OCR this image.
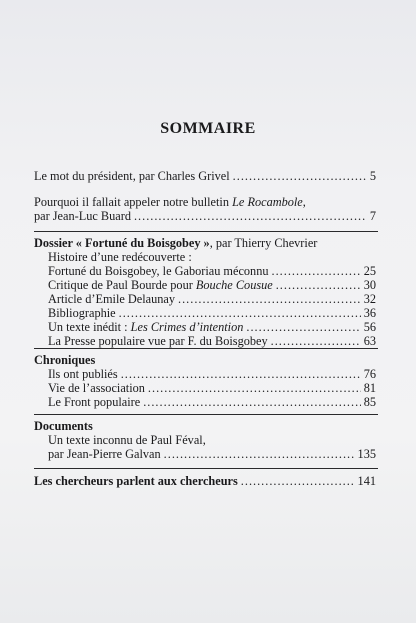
SOMMAIRE
Le mot du président, par Charles Grivel .....	5
Pourquoi il fallait appeler notre bulletin Le Rocambole,
par Jean-Luc Buard .....	7
Dossier « Fortuné du Boisgobey », par Thierry Chevrier
Histoire d’une redécouverte :
Fortuné du Boisgobey, le Gaboriau méconnu .....	25
Critique de Paul Bourde pour Bouche Cousue .....	30
Article d’Emile Delaunay .....	32
Bibliographie .....	36
Un texte inédit : Les Crimes d’intention .....	56
La Presse populaire vue par F. du Boisgobey .....	63
Chroniques
Ils ont publiés .....	76
Vie de l’association .....	81
Le Front populaire .....	85
Documents
Un texte inconnu de Paul Féval,
par Jean-Pierre Galvan .....	135
Les chercheurs parlent aux chercheurs .....	141
